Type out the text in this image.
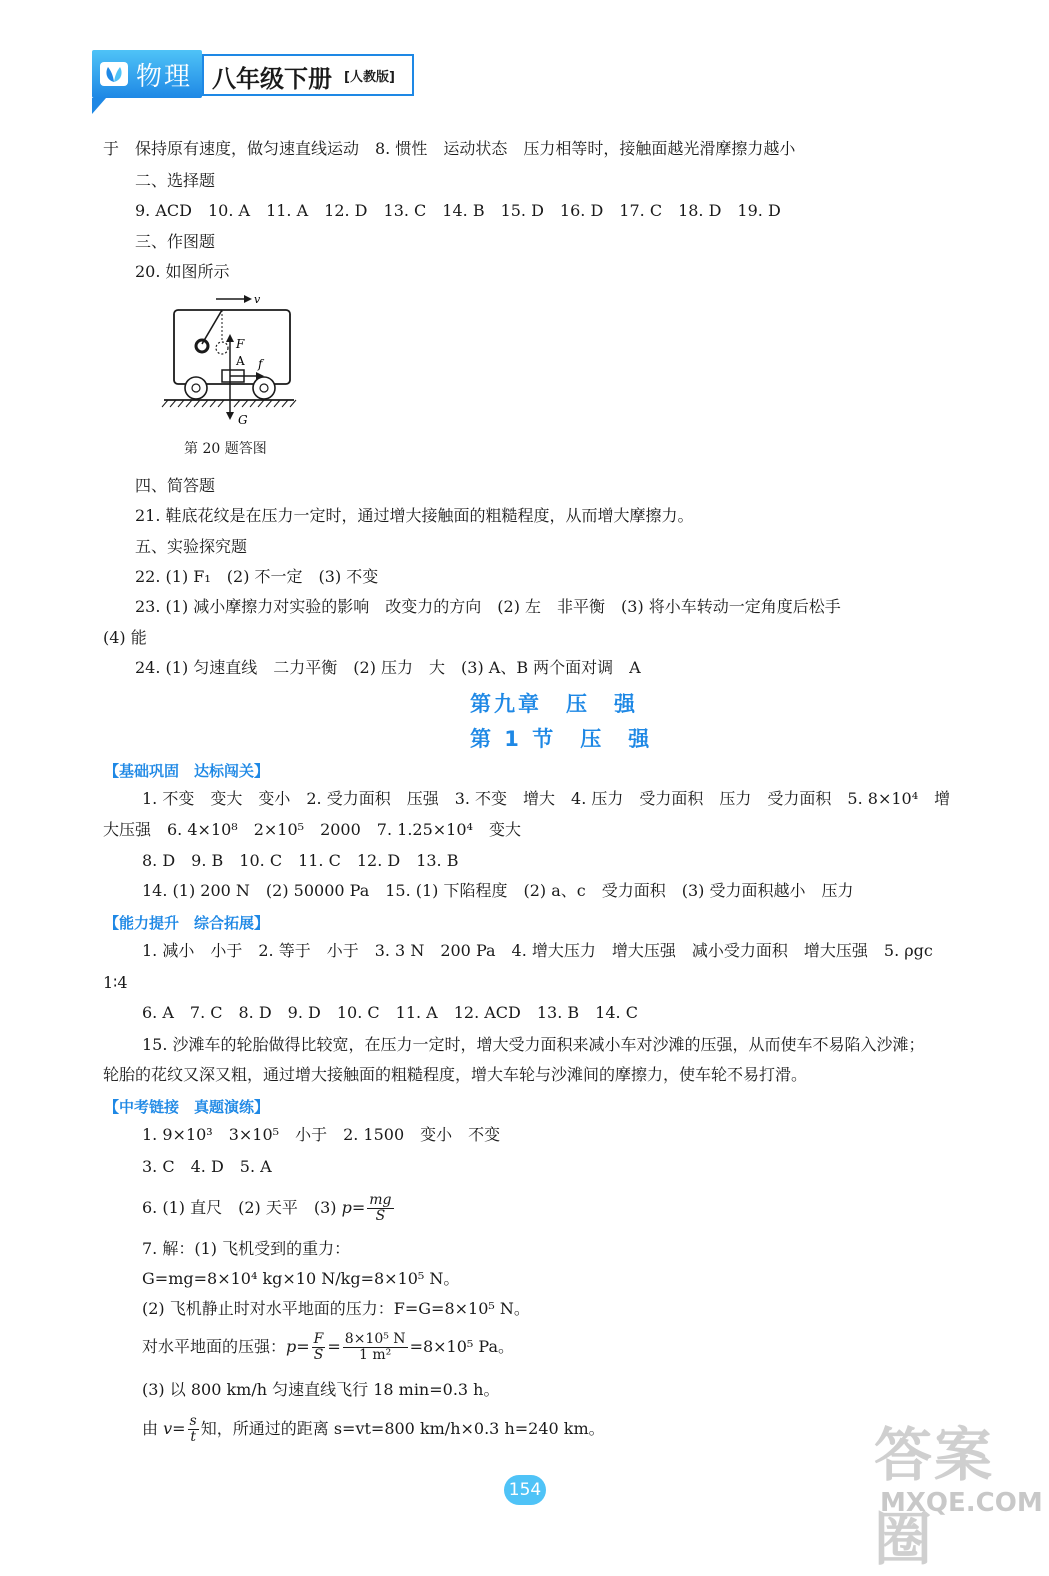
物理 八年级下册 [人教版]
于　保持原有速度，做匀速直线运动　8. 惯性　运动状态　压力相等时，接触面越光滑摩擦力越小
二、选择题
9. ACD　10. A　11. A　12. D　13. C　14. B　15. D　16. D　17. C　18. D　19. D
三、作图题
20. 如图所示
v
F
A f
G
第 20 题答图
四、简答题
21. 鞋底花纹是在压力一定时，通过增大接触面的粗糙程度，从而增大摩擦力。
五、实验探究题
22. (1) F₁　(2) 不一定　(3) 不变
23. (1) 减小摩擦力对实验的影响　改变力的方向　(2) 左　非平衡　(3) 将小车转动一定角度后松手
(4) 能
24. (1) 匀速直线　二力平衡　(2) 压力　大　(3) A、B 两个面对调　A
第九章　压　强
第 1 节　压　强
【基础巩固　达标闯关】
1. 不变　变大　变小　2. 受力面积　压强　3. 不变　增大　4. 压力　受力面积　压力　受力面积　5. 8×10⁴　增
大压强　6. 4×10⁸　2×10⁵　2000　7. 1.25×10⁴　变大
8. D　9. B　10. C　11. C　12. D　13. B
14. (1) 200 N　(2) 50000 Pa　15. (1) 下陷程度　(2) a、c　受力面积　(3) 受力面积越小　压力
【能力提升　综合拓展】
1. 减小　小于　2. 等于　小于　3. 3 N　200 Pa　4. 增大压力　增大压强　减小受力面积　增大压强　5. ρgc
1∶4
6. A　7. C　8. D　9. D　10. C　11. A　12. ACD　13. B　14. C
15. 沙滩车的轮胎做得比较宽，在压力一定时，增大受力面积来减小车对沙滩的压强，从而使车不易陷入沙滩；
轮胎的花纹又深又粗，通过增大接触面的粗糙程度，增大车轮与沙滩间的摩擦力，使车轮不易打滑。
【中考链接　真题演练】
1. 9×10³　3×10⁵　小于　2. 1500　变小　不变
3. C　4. D　5. A
6. (1) 直尺　(2) 天平　(3) $p= \frac{mg}{S}$
7. 解：(1) 飞机受到的重力：
G=mg=8×10⁴ kg×10 N/kg=8×10⁵ N。
(2) 飞机静止时对水平地面的压力：F=G=8×10⁵ N。
对水平地面的压强：$p= \frac{F}{S} = \frac{\text{8×10⁵ N}}{\text{1 m²}} =8\times 10^5$ Pa。
(3) 以 800 km/h 匀速直线飞行 18 min=0.3 h。
由 $v= \frac{s}{t}$ 知，所通过的距离 s=vt=800 km/h×0.3 h=240 km。
154
答案圈
MXQE.COM
